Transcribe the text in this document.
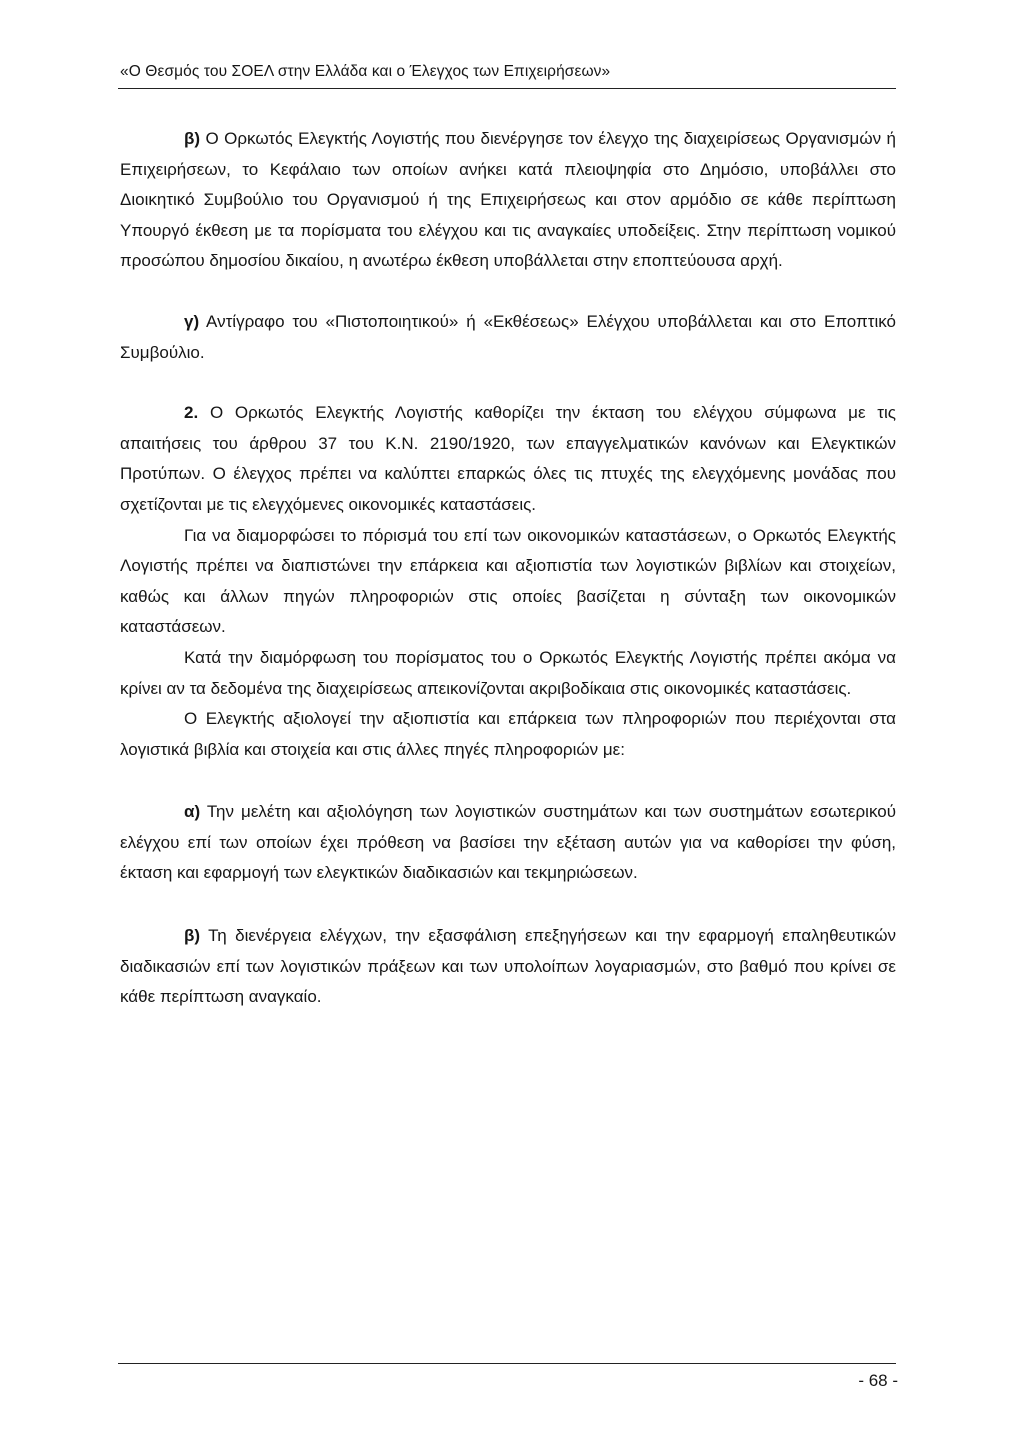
«Ο Θεσμός του ΣΟΕΛ στην Ελλάδα και ο Έλεγχος των Επιχειρήσεων»

β) Ο Ορκωτός Ελεγκτής Λογιστής που διενέργησε τον έλεγχο της διαχειρίσεως Οργανισμών ή Επιχειρήσεων, το Κεφάλαιο των οποίων ανήκει κατά πλειοψηφία στο Δημόσιο, υποβάλλει στο Διοικητικό Συμβούλιο του Οργανισμού ή της Επιχειρήσεως και στον αρμόδιο σε κάθε περίπτωση Υπουργό έκθεση με τα πορίσματα του ελέγχου και τις αναγκαίες υποδείξεις. Στην περίπτωση νομικού προσώπου δημοσίου δικαίου, η ανωτέρω έκθεση υποβάλλεται στην εποπτεύουσα αρχή.

γ) Αντίγραφο του «Πιστοποιητικού» ή «Εκθέσεως» Ελέγχου υποβάλλεται και στο Εποπτικό Συμβούλιο.

2. Ο Ορκωτός Ελεγκτής Λογιστής καθορίζει την έκταση του ελέγχου σύμφωνα με τις απαιτήσεις του άρθρου 37 του Κ.Ν. 2190/1920, των επαγγελματικών κανόνων και Ελεγκτικών Προτύπων. Ο έλεγχος πρέπει να καλύπτει επαρκώς όλες τις πτυχές της ελεγχόμενης μονάδας που σχετίζονται με τις ελεγχόμενες οικονομικές καταστάσεις.

Για να διαμορφώσει το πόρισμά του επί των οικονομικών καταστάσεων, ο Ορκωτός Ελεγκτής Λογιστής πρέπει να διαπιστώνει την επάρκεια και αξιοπιστία των λογιστικών βιβλίων και στοιχείων, καθώς και άλλων πηγών πληροφοριών στις οποίες βασίζεται η σύνταξη των οικονομικών καταστάσεων.

Κατά την διαμόρφωση του πορίσματος του ο Ορκωτός Ελεγκτής Λογιστής πρέπει ακόμα να κρίνει αν τα δεδομένα της διαχειρίσεως απεικονίζονται ακριβοδίκαια στις οικονομικές καταστάσεις.

Ο Ελεγκτής αξιολογεί την αξιοπιστία και επάρκεια των πληροφοριών που περιέχονται στα λογιστικά βιβλία και στοιχεία και στις άλλες πηγές πληροφοριών με:

α) Την μελέτη και αξιολόγηση των λογιστικών συστημάτων και των συστημάτων εσωτερικού ελέγχου επί των οποίων έχει πρόθεση να βασίσει την εξέταση αυτών για να καθορίσει την φύση, έκταση και εφαρμογή των ελεγκτικών διαδικασιών και τεκμηριώσεων.

β) Τη διενέργεια ελέγχων, την εξασφάλιση επεξηγήσεων και την εφαρμογή επαληθευτικών διαδικασιών επί των λογιστικών πράξεων και των υπολοίπων λογαριασμών, στο βαθμό που κρίνει σε κάθε περίπτωση αναγκαίο.

- 68 -
